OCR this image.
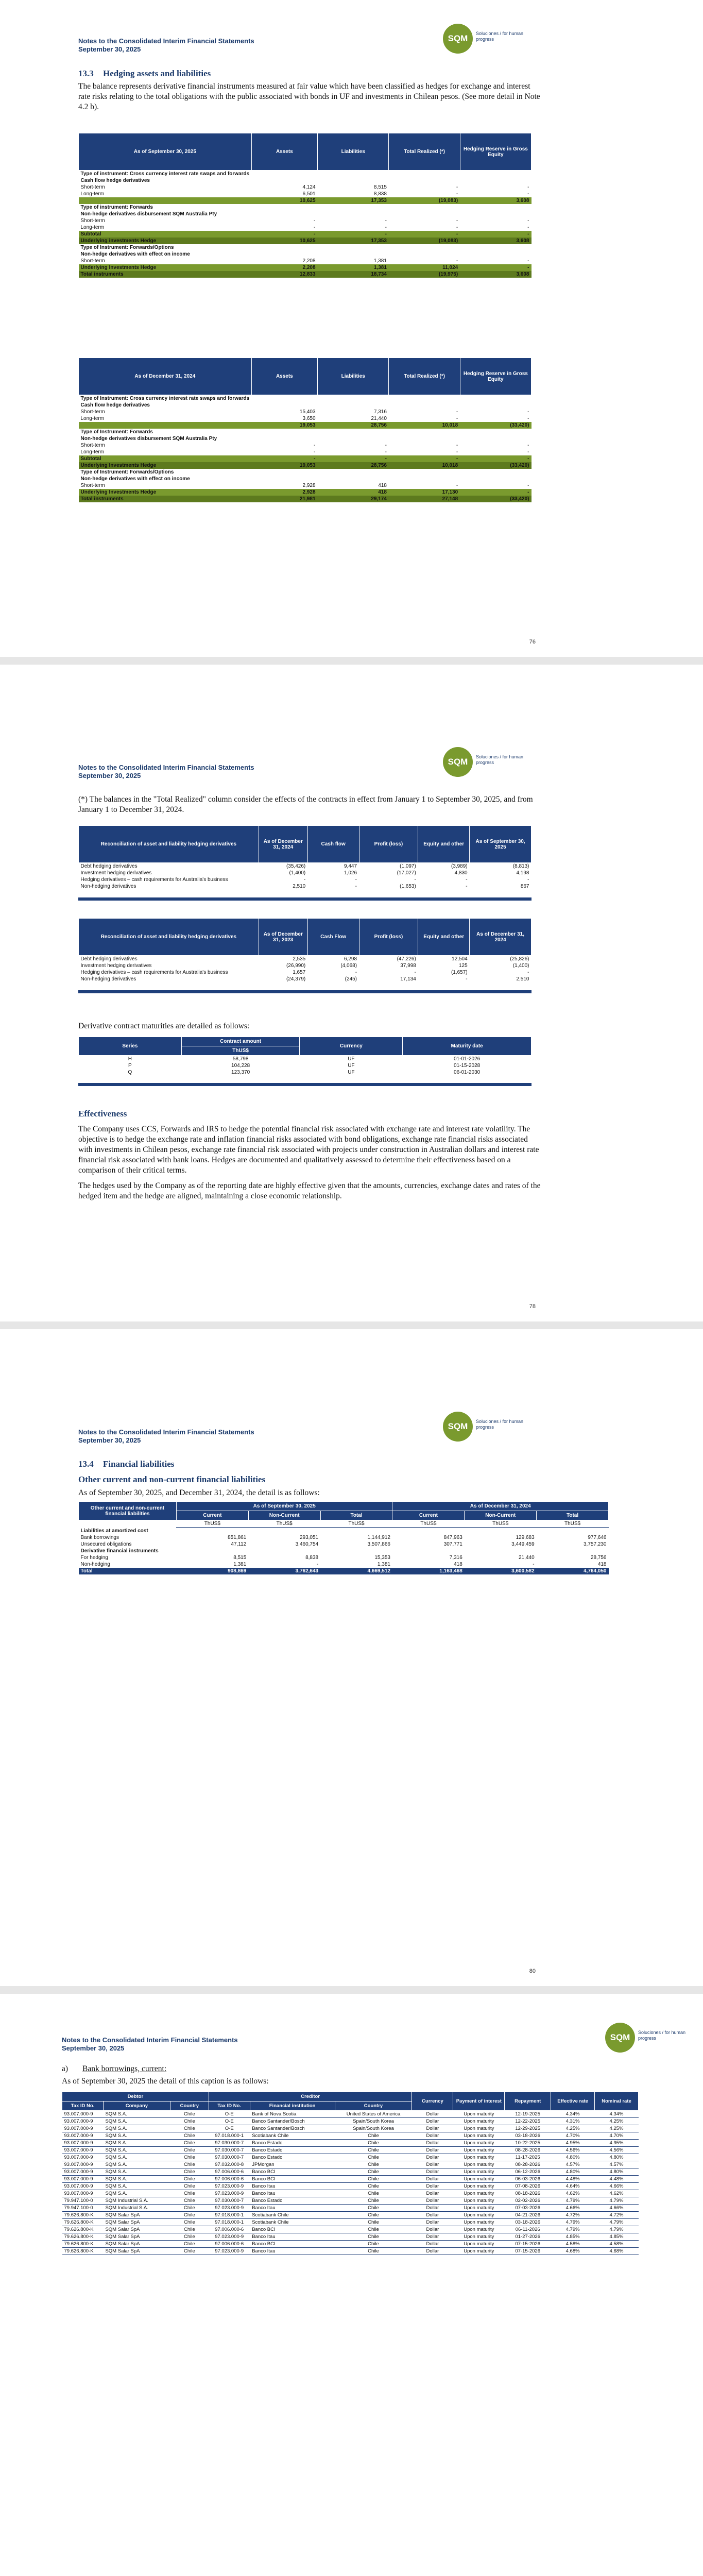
Notes to the Consolidated Interim Financial Statements
September 30, 2025
SQM	Soluciones / for human progress
13.3 Hedging assets and liabilities

The balance represents derivative financial instruments measured at fair value which have been classified as hedges for exchange and interest rate risks relating to the total obligations with the public associated with bonds in UF and investments in Chilean pesos. (See more detail in Note 4.2 b).

As of September 30, 2025	Assets	Liabilities	Total Realized (*)	Hedging Reserve in Gross Equity
Type of instrument: Cross currency interest rate swaps and forwards				
Cash flow hedge derivatives				
Short-term	4,124	8,515	-	-
Long-term	6,501	8,838	-	-
	10,625	17,353	(19,083)	3,608
Type of instrument: Forwards				
Non-hedge derivatives disbursement SQM Australia Pty				
Short-term	-	-	-	-
Long-term	-	-	-	-
Subtotal	-	-	-	-
Underlying investments Hedge	10,625	17,353	(19,083)	3,608
Type of Instrument: Forwards/Options				
Non-hedge derivatives with effect on income				
Short-term	2,208	1,381	-	-
Underlying Investments Hedge	2,208	1,381	11,024	-
Total instruments	12,833	18,734	(19,975)	3,608
As of December 31, 2024	Assets	Liabilities	Total Realized (*)	Hedging Reserve in Gross Equity
Type of Instrument: Cross currency interest rate swaps and forwards				
Cash flow hedge derivatives				
Short-term	15,403	7,316	-	-
Long-term	3,650	21,440	-	-
	19,053	28,756	10,018	(33,420)
Type of Instrument: Forwards				
Non-hedge derivatives disbursement SQM Australia Pty				
Short-term	-	-	-	-
Long-term	-	-	-	-
Subtotal	-	-	-	-
Underlying Investments Hedge	19,053	28,756	10,018	(33,420)
Type of Instrument: Forwards/Options				
Non-hedge derivatives with effect on income				
Short-term	2,928	418	-	-
Underlying Investments Hedge	2,928	418	17,130	-
Total instruments	21,981	29,174	27,148	(33,420)
76
Notes to the Consolidated Interim Financial Statements
September 30, 2025
SQM	Soluciones / for human progress

(*) The balances in the "Total Realized" column consider the effects of the contracts in effect from January 1 to September 30, 2025, and from January 1 to December 31, 2024.

Reconciliation of asset and liability hedging derivatives	As of December 31, 2024	Cash flow	Profit (loss)	Equity and other	As of September 30, 2025
Debt hedging derivatives	(35,426)	9,447	(1,097)	(3,989)	(8,813)
Investment hedging derivatives	(1,400)	1,026	(17,027)	4,830	4,198
Hedging derivatives – cash requirements for Australia's business	-	-	-	-	-
Non-hedging derivatives	2,510	-	(1,653)	-	867
Reconciliation of asset and liability hedging derivatives	As of December 31, 2023	Cash Flow	Profit (loss)	Equity and other	As of December 31, 2024
Debt hedging derivatives	2,535	6,298	(47,226)	12,504	(25,826)
Investment hedging derivatives	(26,990)	(4,068)	37,998	125	(1,400)
Hedging derivatives – cash requirements for Australia's business	1,657	-	-	(1,657)	-
Non-hedging derivatives	(24,379)	(245)	17,134	-	2,510

Derivative contract maturities are detailed as follows:

Series	Contract amount	Currency	Maturity date
	ThUS$		
H	58,798	UF	01-01-2026
P	104,228	UF	01-15-2028
Q	123,370	UF	06-01-2030
Effectiveness

The Company uses CCS, Forwards and IRS to hedge the potential financial risk associated with exchange rate and interest rate volatility. The objective is to hedge the exchange rate and inflation financial risks associated with bond obligations, exchange rate financial risks associated with investments in Chilean pesos, exchange rate financial risk associated with projects under construction in Australian dollars and interest rate financial risk associated with bank loans. Hedges are documented and qualitatively assessed to determine their effectiveness based on a comparison of their critical terms.

The hedges used by the Company as of the reporting date are highly effective given that the amounts, currencies, exchange dates and rates of the hedged item and the hedge are aligned, maintaining a close economic relationship.

78
Notes to the Consolidated Interim Financial Statements
September 30, 2025
SQM	Soluciones / for human progress
13.4 Financial liabilities
Other current and non-current financial liabilities

As of September 30, 2025, and December 31, 2024, the detail is as follows:

Other current and non-current financial liabilities	As of September 30, 2025			As of December 31, 2024		
	Current	Non-Current	Total	Current	Non-Current	Total
	ThUS$	ThUS$	ThUS$	ThUS$	ThUS$	ThUS$
Liabilities at amortized cost						
Bank borrowings	851,861	293,051	1,144,912	847,963	129,683	977,646
Unsecured obligations	47,112	3,460,754	3,507,866	307,771	3,449,459	3,757,230
Derivative financial instruments						
For hedging	8,515	8,838	15,353	7,316	21,440	28,756
Non-hedging	1,381	-	1,381	418	-	418
Total	908,869	3,762,643	4,669,512	1,163,468	3,600,582	4,764,050
80
Notes to the Consolidated Interim Financial Statements
September 30, 2025
SQM	Soluciones / for human progress
a) Bank borrowings, current:

As of September 30, 2025 the detail of this caption is as follows:

Debtor			Creditor			Currency	Payment of interest	Repayment	Effective rate	Nominal rate
Tax ID No.	Company	Country	Tax ID No.	Financial institution	Country					
93.007.000-9	SQM S.A.	Chile	O-E	Bank of Nova Scotia	United States of America	Dollar	Upon maturity	12-19-2025	4.34%	4.34%
93.007.000-9	SQM S.A.	Chile	O-E	Banco Santander/Bosch	Spain/South Korea	Dollar	Upon maturity	12-22-2025	4.31%	4.25%
93.007.000-9	SQM S.A.	Chile	O-E	Banco Santander/Bosch	Spain/South Korea	Dollar	Upon maturity	12-29-2025	4.25%	4.25%
93.007.000-9	SQM S.A.	Chile	97.018.000-1	Scotiabank Chile	Chile	Dollar	Upon maturity	03-18-2026	4.70%	4.70%
93.007.000-9	SQM S.A.	Chile	97.030.000-7	Banco Estado	Chile	Dollar	Upon maturity	10-22-2025	4.95%	4.95%
93.007.000-9	SQM S.A.	Chile	97.030.000-7	Banco Estado	Chile	Dollar	Upon maturity	08-28-2026	4.56%	4.56%
93.007.000-9	SQM S.A.	Chile	97.030.000-7	Banco Estado	Chile	Dollar	Upon maturity	11-17-2025	4.80%	4.80%
93.007.000-9	SQM S.A.	Chile	97.032.000-8	JPMorgan	Chile	Dollar	Upon maturity	08-28-2026	4.57%	4.57%
93.007.000-9	SQM S.A.	Chile	97.006.000-6	Banco BCI	Chile	Dollar	Upon maturity	06-12-2026	4.80%	4.80%
93.007.000-9	SQM S.A.	Chile	97.006.000-6	Banco BCI	Chile	Dollar	Upon maturity	06-03-2026	4.48%	4.48%
93.007.000-9	SQM S.A.	Chile	97.023.000-9	Banco Itau	Chile	Dollar	Upon maturity	07-08-2026	4.64%	4.66%
93.007.000-9	SQM S.A.	Chile	97.023.000-9	Banco Itau	Chile	Dollar	Upon maturity	08-18-2026	4.62%	4.62%
79.947.100-0	SQM Industrial S.A.	Chile	97.030.000-7	Banco Estado	Chile	Dollar	Upon maturity	02-02-2026	4.79%	4.79%
79.947.100-0	SQM Industrial S.A.	Chile	97.023.000-9	Banco Itau	Chile	Dollar	Upon maturity	07-03-2026	4.66%	4.66%
79.626.800-K	SQM Salar SpA	Chile	97.018.000-1	Scotiabank Chile	Chile	Dollar	Upon maturity	04-21-2026	4.72%	4.72%
79.626.800-K	SQM Salar SpA	Chile	97.018.000-1	Scotiabank Chile	Chile	Dollar	Upon maturity	03-18-2026	4.79%	4.79%
79.626.800-K	SQM Salar SpA	Chile	97.006.000-6	Banco BCI	Chile	Dollar	Upon maturity	06-11-2026	4.79%	4.79%
79.626.800-K	SQM Salar SpA	Chile	97.023.000-9	Banco Itau	Chile	Dollar	Upon maturity	01-27-2026	4.85%	4.85%
79.626.800-K	SQM Salar SpA	Chile	97.006.000-6	Banco BCI	Chile	Dollar	Upon maturity	07-15-2026	4.58%	4.58%
79.626.800-K	SQM Salar SpA	Chile	97.023.000-9	Banco Itau	Chile	Dollar	Upon maturity	07-15-2026	4.68%	4.68%
